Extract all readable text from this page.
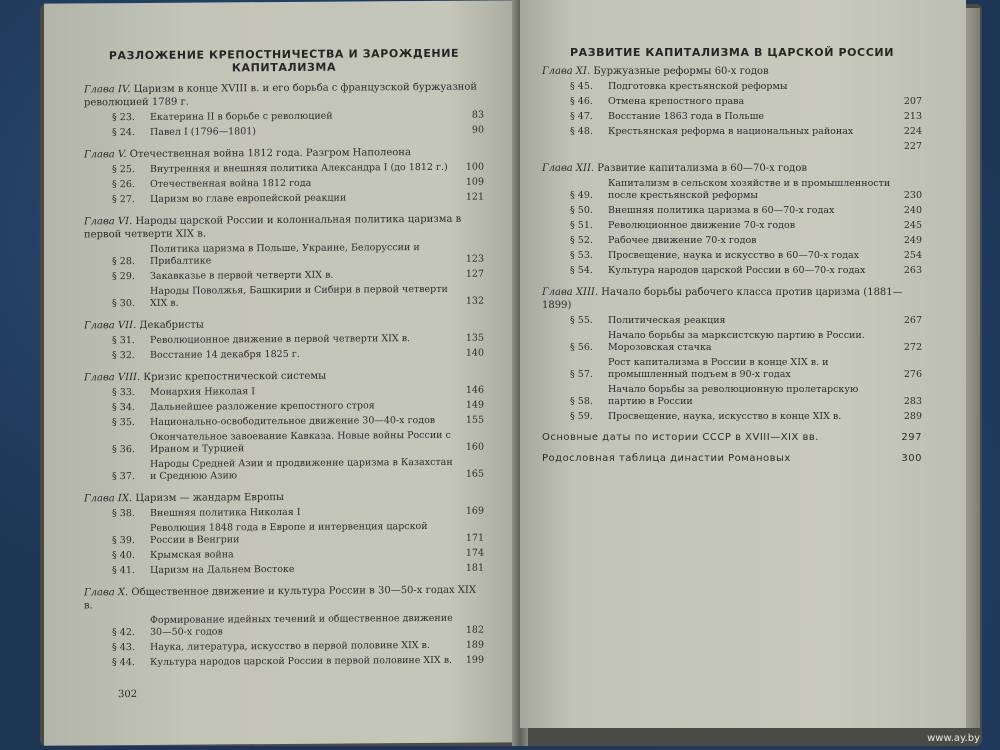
РАЗЛОЖЕНИЕ КРЕПОСТНИЧЕСТВА И ЗАРОЖДЕНИЕ КАПИТАЛИЗМА
Глава IV. Царизм в конце XVIII в. и его борьба с французской буржуазной революцией 1789 г.
§ 23.	Екатерина II в борьбе с революцией	83
§ 24.	Павел I (1796—1801)	90
Глава V. Отечественная война 1812 года. Разгром Наполеона
§ 25.	Внутренняя и внешняя политика Александра I (до 1812 г.)	100
§ 26.	Отечественная война 1812 года	109
§ 27.	Царизм во главе европейской реакции	121
Глава VI. Народы царской России и колониальная политика царизма в первой четверти XIX в.
§ 28.
Политика царизма в Польше, Украине, Белоруссии и Прибалтике	123
§ 29.	Закавказье в первой четверти XIX в.	127
§ 30.
Народы Поволжья, Башкирии и Сибири в первой четверти XIX в.	132
Глава VII. Декабристы
§ 31.	Революционное движение в первой четверти XIX в.	135
§ 32.	Восстание 14 декабря 1825 г.	140
Глава VIII. Кризис крепостнической системы
§ 33.	Монархия Николая I	146
§ 34.	Дальнейшее разложение крепостного строя	149
§ 35.	Национально-освободительное движение 30—40-х годов	155
§ 36.
Окончательное завоевание Кавказа. Новые войны России с Ираном и Турцией	160
§ 37.
Народы Средней Азии и продвижение царизма в Казахстан и Среднюю Азию	165
Глава IX. Царизм — жандарм Европы
§ 38.	Внешняя политика Николая I	169
§ 39.
Революция 1848 года в Европе и интервенция царской России в Венгрии	171
§ 40.	Крымская война	174
§ 41.	Царизм на Дальнем Востоке	181
Глава X. Общественное движение и культура России в 30—50-х годах XIX в.
§ 42.
Формирование идейных течений и общественное движение 30—50-х годов	182
§ 43.	Наука, литература, искусство в первой половине XIX в.	189
§ 44.	Культура народов царской России в первой половине XIX в.	199
302
РАЗВИТИЕ КАПИТАЛИЗМА В ЦАРСКОЙ РОССИИ
Глава XI. Буржуазные реформы 60-х годов
§ 45.	Подготовка крестьянской реформы
§ 46.	Отмена крепостного права	207
§ 47.	Восстание 1863 года в Польше	213
§ 48.	Крестьянская реформа в национальных районах	224
227
Глава XII. Развитие капитализма в 60—70-х годов
§ 49.
Капитализм в сельском хозяйстве и в промышленности после крестьянской реформы	230
§ 50.	Внешняя политика царизма в 60—70-х годах	240
§ 51.	Революционное движение 70-х годов	245
§ 52.	Рабочее движение 70-х годов	249
§ 53.	Просвещение, наука и искусство в 60—70-х годах	254
§ 54.	Культура народов царской России в 60—70-х годах	263
Глава XIII. Начало борьбы рабочего класса против царизма (1881—1899)
§ 55.	Политическая реакция	267
§ 56.
Начало борьбы за марксистскую партию в России. Морозовская стачка	272
§ 57.
Рост капитализма в России в конце XIX в. и промышленный подъем в 90-х годах	276
§ 58.
Начало борьбы за революционную пролетарскую партию в России	283
§ 59.	Просвещение, наука, искусство в конце XIX в.	289
Основные даты по истории СССР в XVIII—XIX вв.	297
Родословная таблица династии Романовых	300
www.ay.by
